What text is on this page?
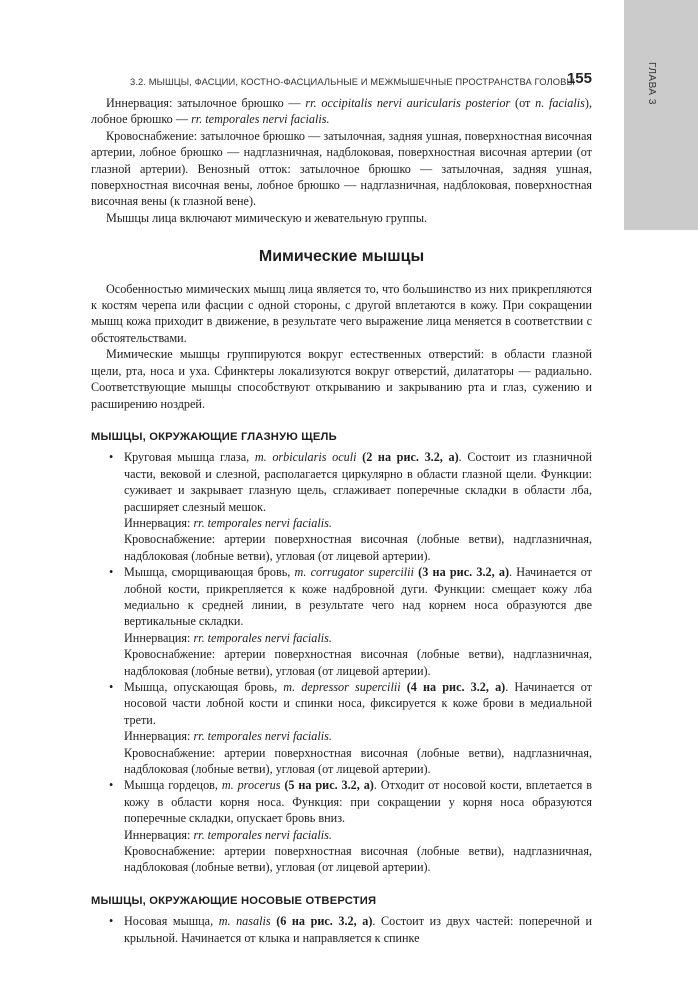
ГЛАВА 3
3.2. МЫШЦЫ, ФАСЦИИ, КОСТНО-ФАСЦИАЛЬНЫЕ И МЕЖМЫШЕЧНЫЕ ПРОСТРАНСТВА ГОЛОВЫ
155

Иннервация: затылочное брюшко — rr. occipitalis nervi auricularis posterior (от n. facialis), лобное брюшко — rr. temporales nervi facialis.

Кровоснабжение: затылочное брюшко — затылочная, задняя ушная, поверхностная височная артерии, лобное брюшко — надглазничная, надблоковая, поверхностная височная артерии (от глазной артерии). Венозный отток: затылочное брюшко — затылочная, задняя ушная, поверхностная височная вены, лобное брюшко — надглазничная, надблоковая, поверхностная височная вены (к глазной вене).

Мышцы лица включают мимическую и жевательную группы.

Мимические мышцы

Особенностью мимических мышц лица является то, что большинство из них прикрепляются к костям черепа или фасции с одной стороны, с другой вплетаются в кожу. При сокращении мышц кожа приходит в движение, в результате чего выражение лица меняется в соответствии с обстоятельствами.

Мимические мышцы группируются вокруг естественных отверстий: в области глазной щели, рта, носа и уха. Сфинктеры локализуются вокруг отверстий, дилататоры — радиально. Соответствующие мышцы способствуют открыванию и закрыванию рта и глаз, сужению и расширению ноздрей.

МЫШЦЫ, ОКРУЖАЮЩИЕ ГЛАЗНУЮ ЩЕЛЬ
• Круговая мышца глаза, m. orbicularis oculi (2 на рис. 3.2, а). Состоит из глазничной части, вековой и слезной, располагается циркулярно в области глазной щели. Функции: суживает и закрывает глазную щель, сглаживает поперечные складки в области лба, расширяет слезный мешок.

Иннервация: rr. temporales nervi facialis.

Кровоснабжение: артерии поверхностная височная (лобные ветви), надглазничная, надблоковая (лобные ветви), угловая (от лицевой артерии).

• Мышца, сморщивающая бровь, m. corrugator supercilii (3 на рис. 3.2, а). Начинается от лобной кости, прикрепляется к коже надбровной дуги. Функции: смещает кожу лба медиально к средней линии, в результате чего над корнем носа образуются две вертикальные складки.

Иннервация: rr. temporales nervi facialis.

Кровоснабжение: артерии поверхностная височная (лобные ветви), надглазничная, надблоковая (лобные ветви), угловая (от лицевой артерии).

• Мышца, опускающая бровь, m. depressor supercilii (4 на рис. 3.2, а). Начинается от носовой части лобной кости и спинки носа, фиксируется к коже брови в медиальной трети.

Иннервация: rr. temporales nervi facialis.

Кровоснабжение: артерии поверхностная височная (лобные ветви), надглазничная, надблоковая (лобные ветви), угловая (от лицевой артерии).

• Мышца гордецов, m. procerus (5 на рис. 3.2, а). Отходит от носовой кости, вплетается в кожу в области корня носа. Функция: при сокращении у корня носа образуются поперечные складки, опускает бровь вниз.

Иннервация: rr. temporales nervi facialis.

Кровоснабжение: артерии поверхностная височная (лобные ветви), надглазничная, надблоковая (лобные ветви), угловая (от лицевой артерии).

МЫШЦЫ, ОКРУЖАЮЩИЕ НОСОВЫЕ ОТВЕРСТИЯ
• Носовая мышца, m. nasalis (6 на рис. 3.2, а). Состоит из двух частей: поперечной и крыльной. Начинается от клыка и направляется к спинке
